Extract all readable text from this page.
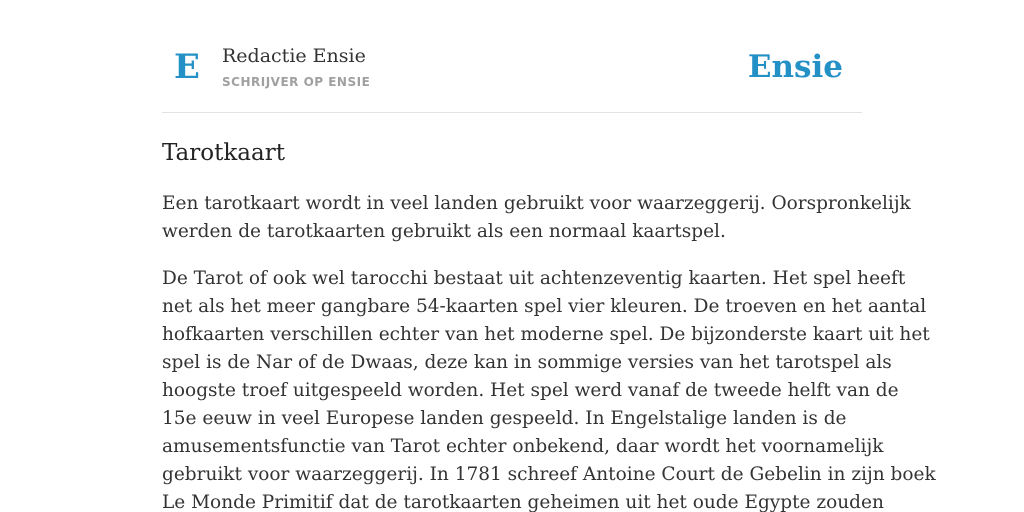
E Redactie Ensie
SCHRIJVER OP ENSIE	Ensie
Tarotkaart

Een tarotkaart wordt in veel landen gebruikt voor waarzeggerij. Oorspronkelijk
werden de tarotkaarten gebruikt als een normaal kaartspel.

De Tarot of ook wel tarocchi bestaat uit achtenzeventig kaarten. Het spel heeft
net als het meer gangbare 54-kaarten spel vier kleuren. De troeven en het aantal
hofkaarten verschillen echter van het moderne spel. De bijzonderste kaart uit het
spel is de Nar of de Dwaas, deze kan in sommige versies van het tarotspel als
hoogste troef uitgespeeld worden. Het spel werd vanaf de tweede helft van de
15e eeuw in veel Europese landen gespeeld. In Engelstalige landen is de
amusementsfunctie van Tarot echter onbekend, daar wordt het voornamelijk
gebruikt voor waarzeggerij. In 1781 schreef Antoine Court de Gebelin in zijn boek
Le Monde Primitif dat de tarotkaarten geheimen uit het oude Egypte zouden
